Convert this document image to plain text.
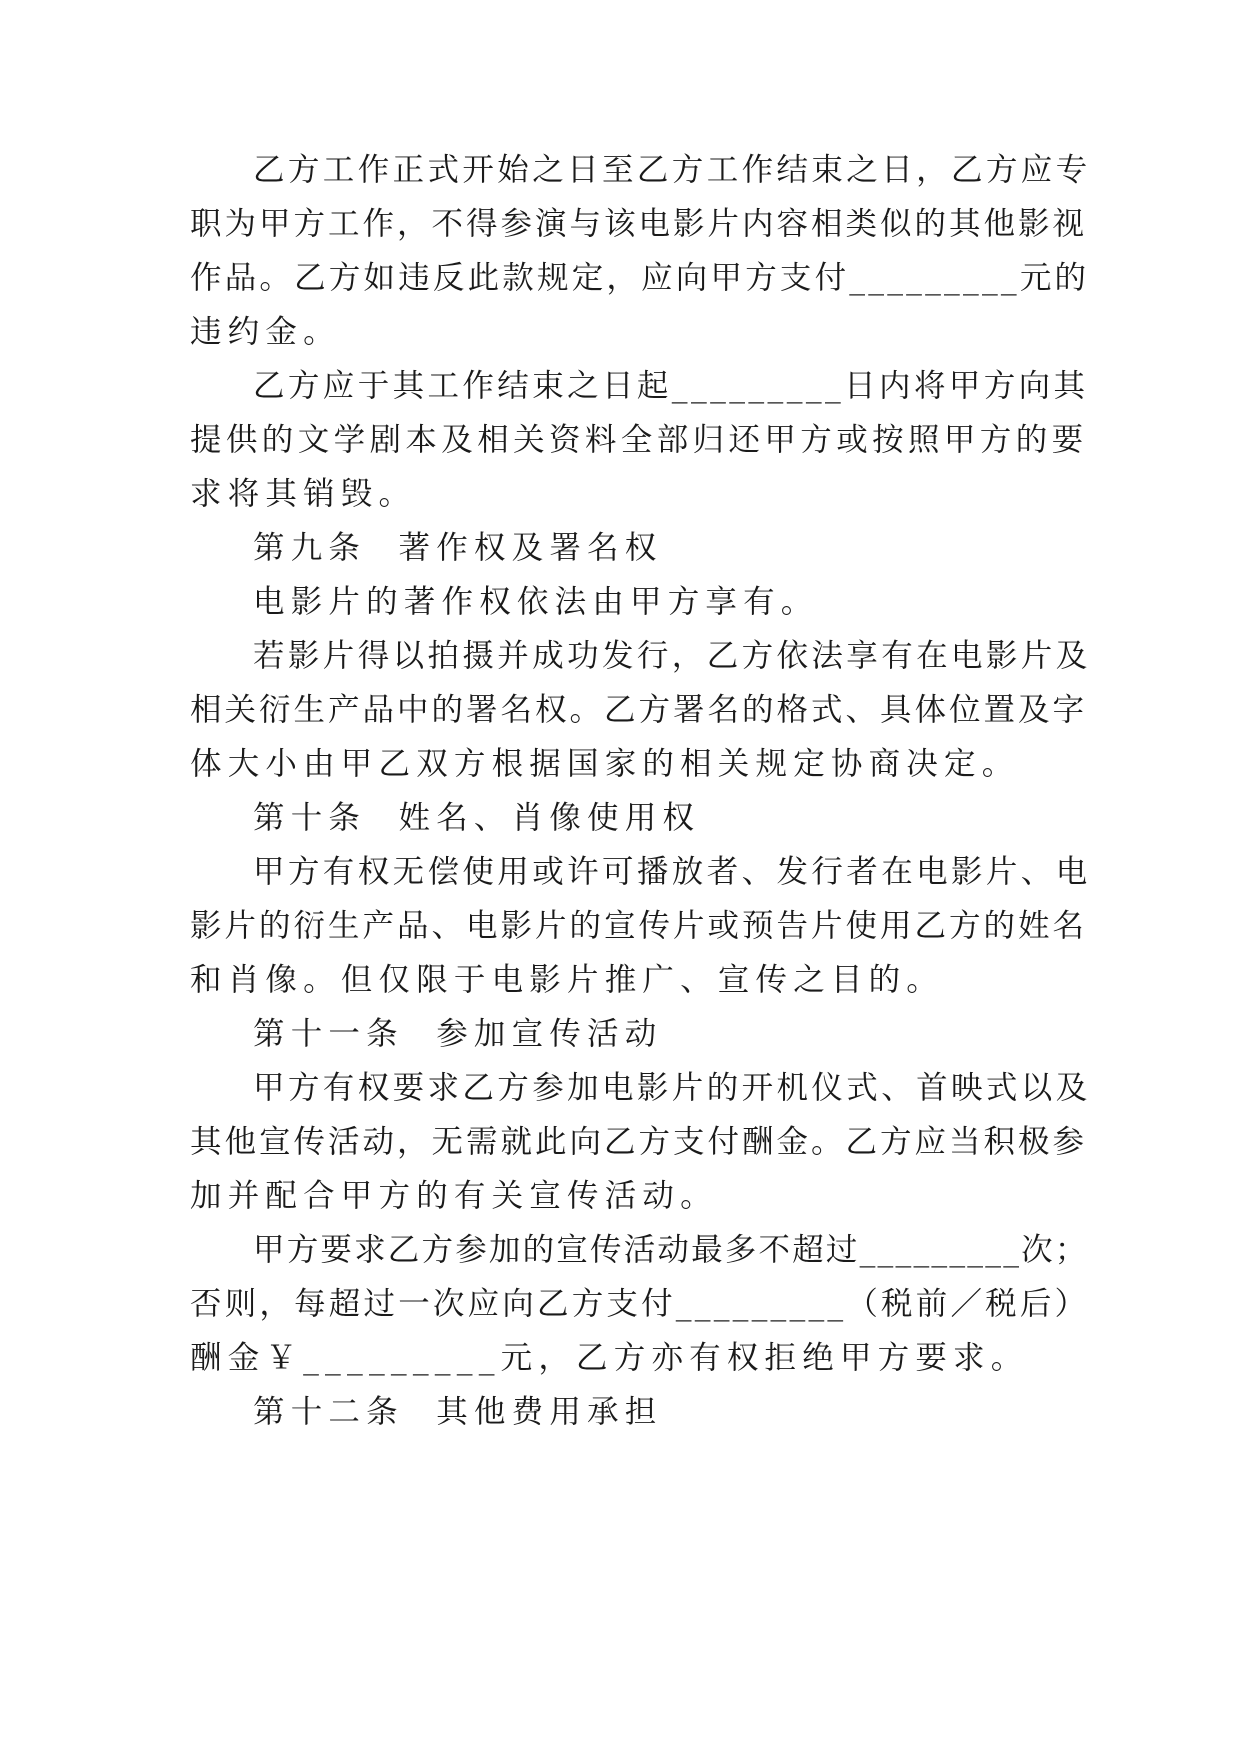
乙方工作正式开始之日至乙方工作结束之日，乙方应专
职为甲方工作，不得参演与该电影片内容相类似的其他影视
作品。乙方如违反此款规定，应向甲方支付_________元的
违约金。
乙方应于其工作结束之日起_________日内将甲方向其
提供的文学剧本及相关资料全部归还甲方或按照甲方的要
求将其销毁。
第九条  著作权及署名权
电影片的著作权依法由甲方享有。
若影片得以拍摄并成功发行，乙方依法享有在电影片及
相关衍生产品中的署名权。乙方署名的格式、具体位置及字
体大小由甲乙双方根据国家的相关规定协商决定。
第十条  姓名、肖像使用权
甲方有权无偿使用或许可播放者、发行者在电影片、电
影片的衍生产品、电影片的宣传片或预告片使用乙方的姓名
和肖像。但仅限于电影片推广、宣传之目的。
第十一条  参加宣传活动
甲方有权要求乙方参加电影片的开机仪式、首映式以及
其他宣传活动，无需就此向乙方支付酬金。乙方应当积极参
加并配合甲方的有关宣传活动。
甲方要求乙方参加的宣传活动最多不超过_________次；
否则，每超过一次应向乙方支付_________（税前／税后）
酬金￥_________元，乙方亦有权拒绝甲方要求。
第十二条  其他费用承担
